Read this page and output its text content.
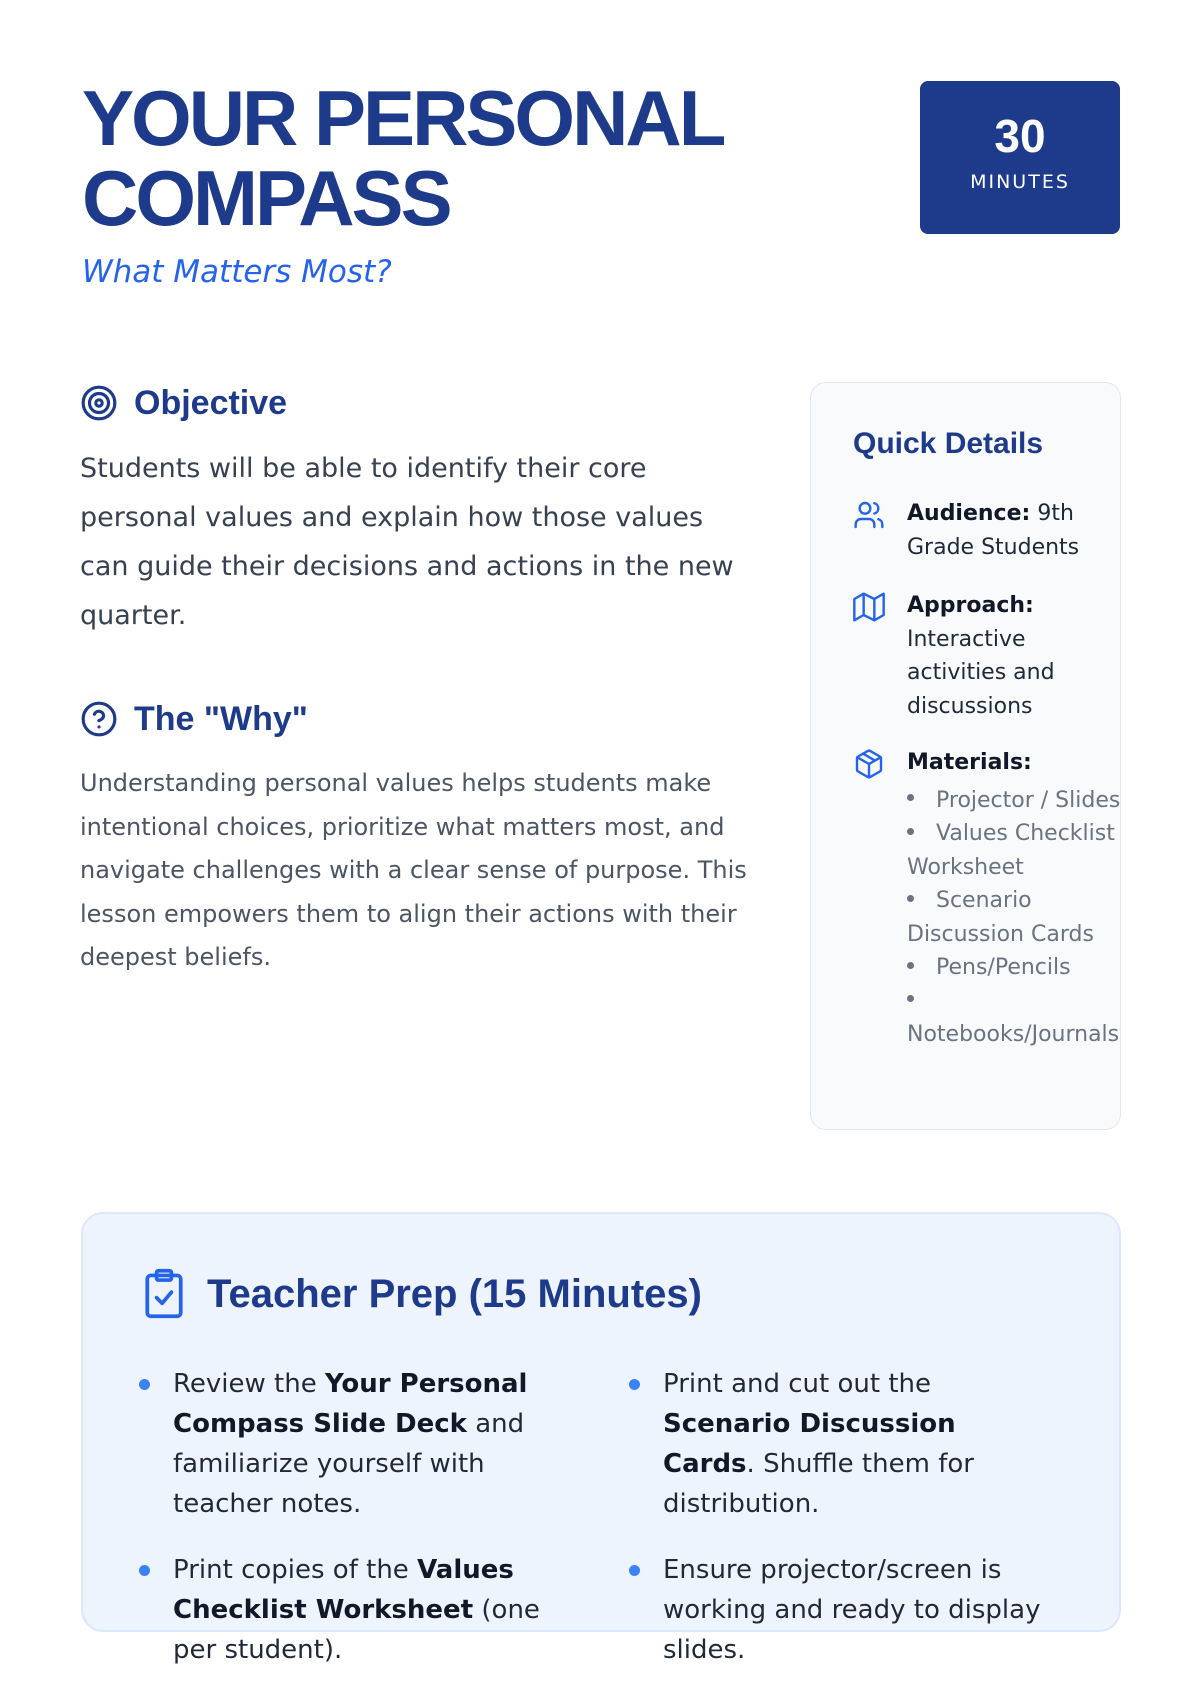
YOUR PERSONAL COMPASS

What Matters Most?

30
MINUTES
Objective

Students will be able to identify their core personal values and explain how those values can guide their decisions and actions in the new quarter.

The "Why"

Understanding personal values helps students make intentional choices, prioritize what matters most, and navigate challenges with a clear sense of purpose. This lesson empowers them to align their actions with their deepest beliefs.

Quick Details
Audience: 9th Grade Students
Approach: Interactive activities and discussions
Materials:
Projector / Slides
Values Checklist Worksheet
Scenario Discussion Cards
Pens/Pencils
Notebooks/Journals
Teacher Prep (15 Minutes)
Review the Your Personal Compass Slide Deck and familiarize yourself with teacher notes.
Print copies of the Values Checklist Worksheet (one per student).
Print and cut out the Scenario Discussion Cards. Shuffle them for distribution.
Ensure projector/screen is working and ready to display slides.
